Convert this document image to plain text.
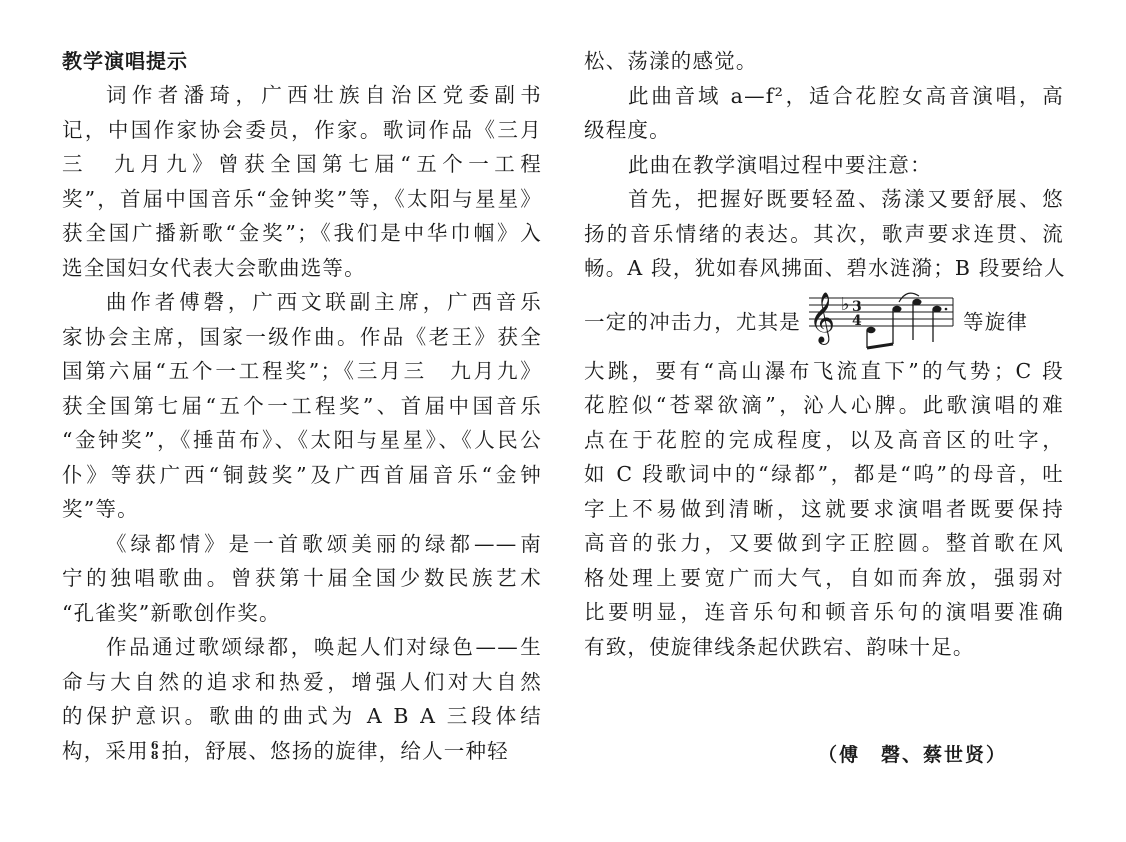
教学演唱提示
词作者潘琦，广西壮族自治区党委副书
记，中国作家协会委员，作家。歌词作品《三月
三　九月九》曾获全国第七届“五个一工程
奖”，首届中国音乐“金钟奖”等，《太阳与星星》
获全国广播新歌“金奖”；《我们是中华巾帼》入
选全国妇女代表大会歌曲选等。
曲作者傅磬，广西文联副主席，广西音乐
家协会主席，国家一级作曲。作品《老王》获全
国第六届“五个一工程奖”；《三月三　九月九》
获全国第七届“五个一工程奖”、首届中国音乐
“金钟奖”，《捶苗布》、《太阳与星星》、《人民公
仆》等获广西“铜鼓奖”及广西首届音乐“金钟
奖”等。
《绿都情》是一首歌颂美丽的绿都——南
宁的独唱歌曲。曾获第十届全国少数民族艺术
“孔雀奖”新歌创作奖。
作品通过歌颂绿都，唤起人们对绿色——生
命与大自然的追求和热爱，增强人们对大自然
的保护意识。歌曲的曲式为 A B A 三段体结
构，采用 6
8 拍，舒展、悠扬的旋律，给人一种轻
松、荡漾的感觉。
此曲音域 a—f²，适合花腔女高音演唱，高
级程度。
此曲在教学演唱过程中要注意：
首先，把握好既要轻盈、荡漾又要舒展、悠
扬的音乐情绪的表达。其次，歌声要求连贯、流
畅。A 段，犹如春风拂面、碧水涟漪；B 段要给人
一定的冲击力，尤其是 𝄞 ♭ 3
4	等旋律
大跳，要有“高山瀑布飞流直下”的气势；C 段
花腔似“苍翠欲滴”，沁人心脾。此歌演唱的难
点在于花腔的完成程度，以及高音区的吐字，
如 C 段歌词中的“绿都”，都是“呜”的母音，吐
字上不易做到清晰，这就要求演唱者既要保持
高音的张力，又要做到字正腔圆。整首歌在风
格处理上要宽广而大气，自如而奔放，强弱对
比要明显，连音乐句和顿音乐句的演唱要准确
有致，使旋律线条起伏跌宕、韵味十足。
（傅　磬、蔡世贤）
